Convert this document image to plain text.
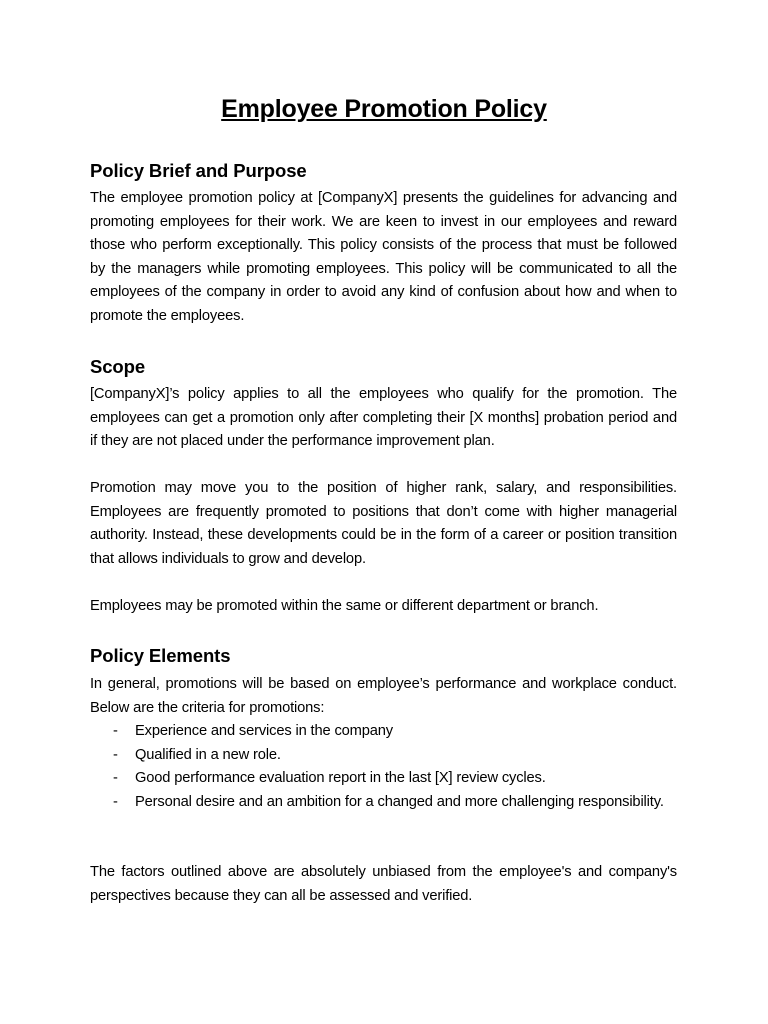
Employee Promotion Policy
Policy Brief and Purpose
The employee promotion policy at [CompanyX] presents the guidelines for advancing and promoting employees for their work. We are keen to invest in our employees and reward those who perform exceptionally. This policy consists of the process that must be followed by the managers while promoting employees. This policy will be communicated to all the employees of the company in order to avoid any kind of confusion about how and when to promote the employees.
Scope
[CompanyX]’s policy applies to all the employees who qualify for the promotion. The employees can get a promotion only after completing their [X months] probation period and if they are not placed under the performance improvement plan.
Promotion may move you to the position of higher rank, salary, and responsibilities. Employees are frequently promoted to positions that don’t come with higher managerial authority. Instead, these developments could be in the form of a career or position transition that allows individuals to grow and develop.
Employees may be promoted within the same or different department or branch.
Policy Elements
In general, promotions will be based on employee’s performance and workplace conduct. Below are the criteria for promotions:
- Experience and services in the company
- Qualified in a new role.
- Good performance evaluation report in the last [X] review cycles.
- Personal desire and an ambition for a changed and more challenging responsibility.
The factors outlined above are absolutely unbiased from the employee's and company's perspectives because they can all be assessed and verified.
